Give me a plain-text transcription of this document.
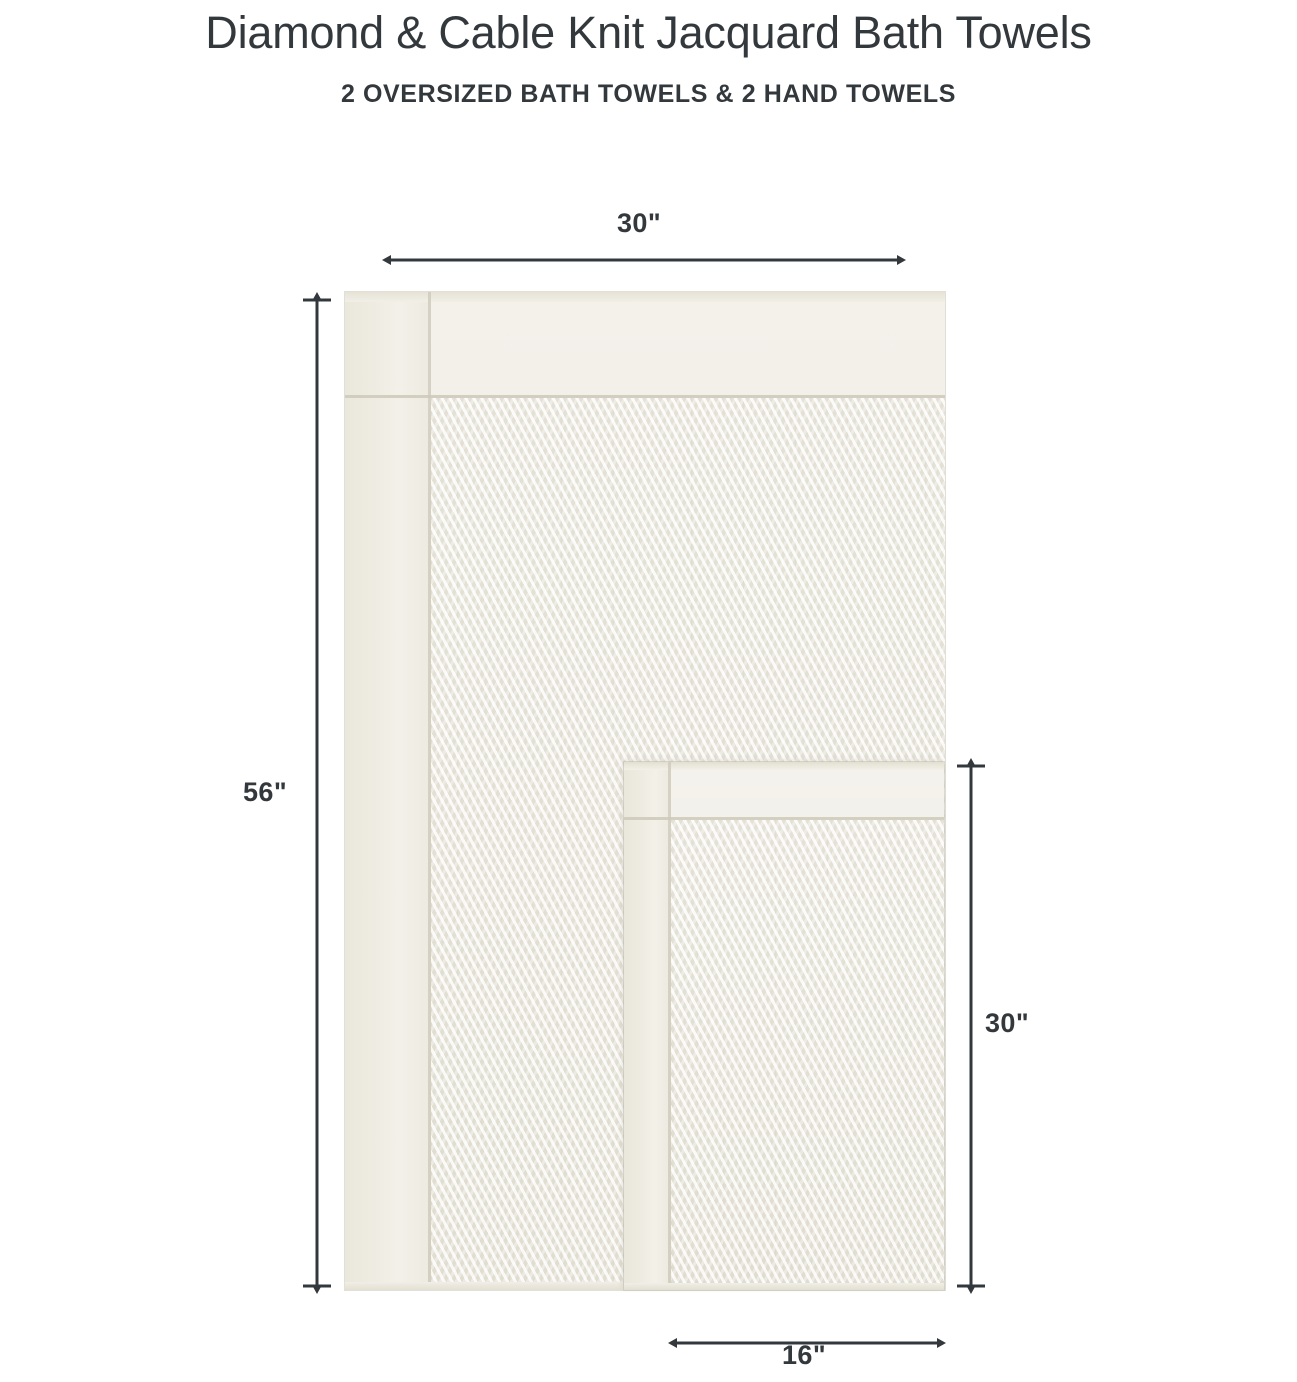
Diamond & Cable Knit Jacquard Bath Towels
2 OVERSIZED BATH TOWELS & 2 HAND TOWELS
30"
56"
30"
16"
